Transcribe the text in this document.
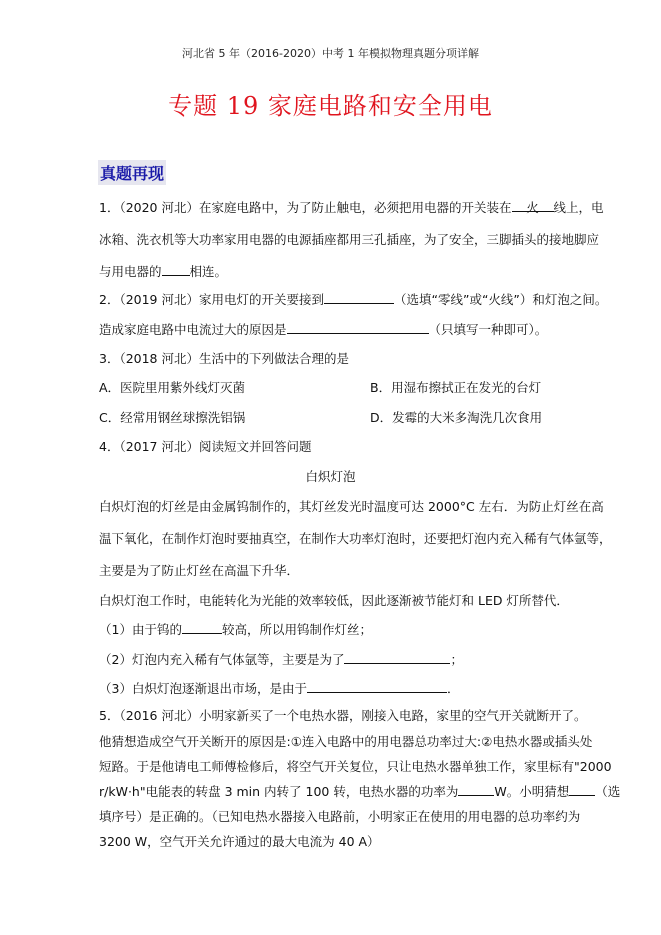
河北省 5 年（2016-2020）中考 1 年模拟物理真题分项详解
专题 19 家庭电路和安全用电
真题再现
1．（2020 河北）在家庭电路中，为了防止触电，必须把用电器的开关装在 火 线上，电
冰箱、洗衣机等大功率家用电器的电源插座都用三孔插座，为了安全，三脚插头的接地脚应
与用电器的 相连。
2．（2019 河北）家用电灯的开关要接到	（选填“零线”或“火线”）和灯泡之间。
造成家庭电路中电流过大的原因是	（只填写一种即可）。
3．（2018 河北）生活中的下列做法合理的是
A．医院里用紫外线灯灭菌	B．用湿布擦拭正在发光的台灯
C．经常用钢丝球擦洗铝锅	D．发霉的大米多淘洗几次食用
4．（2017 河北）阅读短文并回答问题
白炽灯泡
白炽灯泡的灯丝是由金属钨制作的，其灯丝发光时温度可达 2000°C 左右．为防止灯丝在高
温下氧化，在制作灯泡时要抽真空，在制作大功率灯泡时，还要把灯泡内充入稀有气体氩等，
主要是为了防止灯丝在高温下升华．
白炽灯泡工作时，电能转化为光能的效率较低，因此逐渐被节能灯和 LED 灯所替代．
（1）由于钨的	较高，所以用钨制作灯丝；
（2）灯泡内充入稀有气体氩等，主要是为了	；
（3）白炽灯泡逐渐退出市场，是由于	．
5．（2016 河北）小明家新买了一个电热水器，刚接入电路，家里的空气开关就断开了。
他猜想造成空气开关断开的原因是:①连入电路中的用电器总功率过大:②电热水器或插头处
短路。于是他请电工师傅检修后，将空气开关复位，只让电热水器单独工作，家里标有"2000
r/kW·h"电能表的转盘 3 min 内转了 100 转，电热水器的功率为	W。小明猜想 （选
填序号）是正确的。（已知电热水器接入电路前，小明家正在使用的用电器的总功率约为
3200 W，空气开关允许通过的最大电流为 40 A）
